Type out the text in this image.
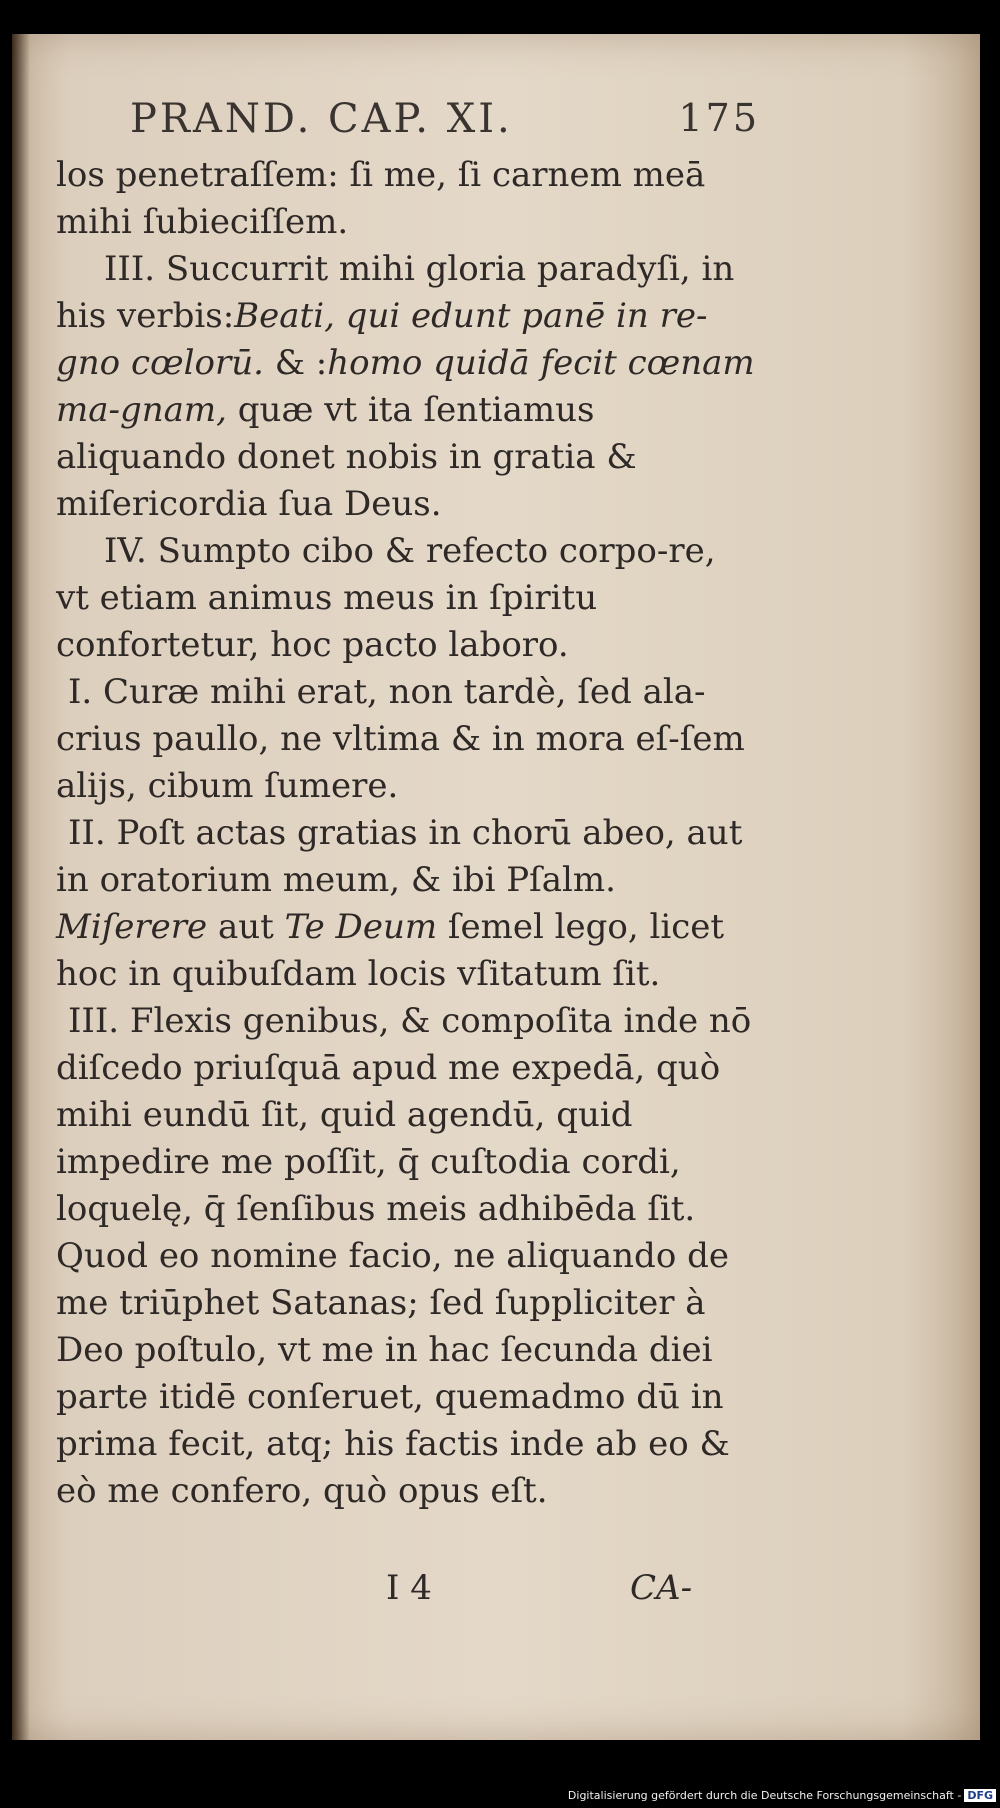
PRAND. CAP. XI.	175

los penetraſſem: ſi me, ſi carnem meā mihi ſubieciſſem.

III. Succurrit mihi gloria paradyſi, in his verbis:Beati, qui edunt panē in re-gno cœlorū. & :homo quidā fecit cœnam ma-gnam, quæ vt ita ſentiamus aliquando donet nobis in gratia & miſericordia ſua Deus.

IV. Sumpto cibo & refecto corpo-re, vt etiam animus meus in ſpiritu confortetur, hoc pacto laboro.

I. Curæ mihi erat, non tardè, ſed ala-crius paullo, ne vltima & in mora eſ-ſem alijs, cibum ſumere.

II. Poſt actas gratias in chorū abeo, aut in oratorium meum, & ibi Pſalm. Miſerere aut Te Deum ſemel lego, licet hoc in quibuſdam locis vſitatum ſit.

III. Flexis genibus, & compoſita inde nō diſcedo priuſquā apud me expedā, quò mihi eundū ſit, quid agendū, quid impedire me poſſit, q̄ cuſtodia cordi, loquelę, q̄ ſenſibus meis adhibēda ſit. Quod eo nomine facio, ne aliquando de me triūphet Satanas; ſed ſuppliciter à Deo poſtulo, vt me in hac ſecunda diei parte itidē conſeruet, quemadmo dū in prima fecit, atq; his factis inde ab eo & eò me confero, quò opus eſt.

I 4	CA-
Digitalisierung gefördert durch die Deutsche Forschungsgemeinschaft - DFG
